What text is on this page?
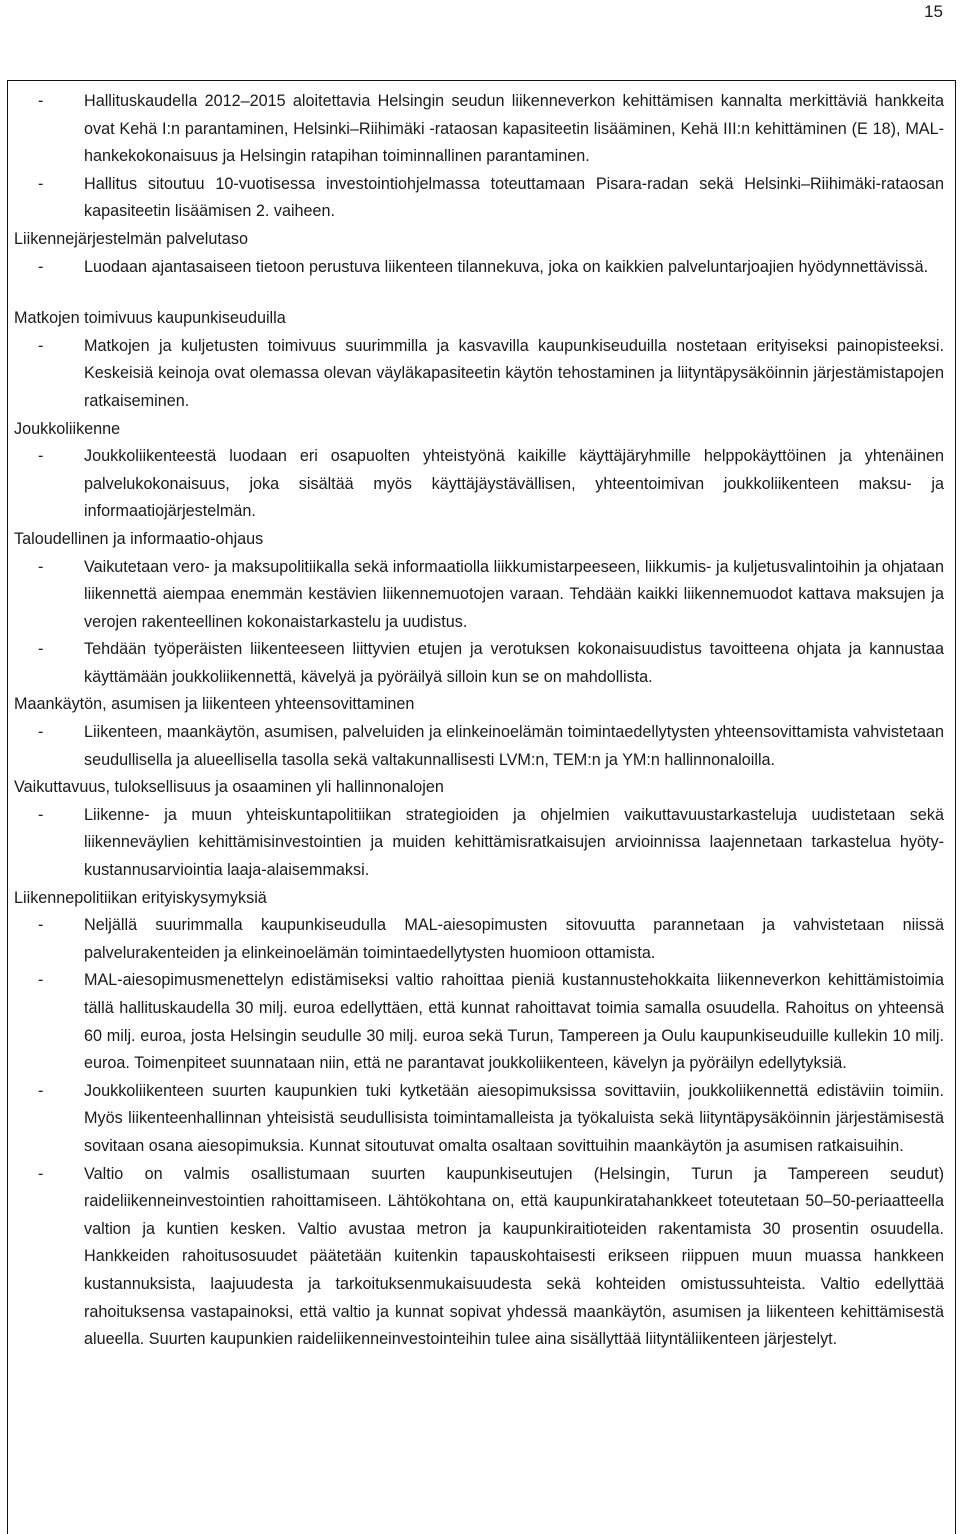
15
-	Hallituskaudella 2012–2015 aloitettavia Helsingin seudun liikenneverkon kehittämisen kannalta merkittäviä hankkeita ovat Kehä I:n parantaminen, Helsinki–Riihimäki -rataosan kapasiteetin lisääminen, Kehä III:n kehittäminen (E 18), MAL-hankekokonaisuus ja Helsingin ratapihan toiminnallinen parantaminen.
-	Hallitus sitoutuu 10-vuotisessa investointiohjelmassa toteuttamaan Pisara-radan sekä Helsinki–Riihimäki-rataosan kapasiteetin lisäämisen 2. vaiheen.

Liikennejärjestelmän palvelutaso

-	Luodaan ajantasaiseen tietoon perustuva liikenteen tilannekuva, joka on kaikkien palveluntarjoajien hyödynnettävissä.

Matkojen toimivuus kaupunkiseuduilla

-	Matkojen ja kuljetusten toimivuus suurimmilla ja kasvavilla kaupunkiseuduilla nostetaan erityiseksi painopisteeksi. Keskeisiä keinoja ovat olemassa olevan väyläkapasiteetin käytön tehostaminen ja liityntäpysäköinnin järjestämistapojen ratkaiseminen.

Joukkoliikenne

-	Joukkoliikenteestä luodaan eri osapuolten yhteistyönä kaikille käyttäjäryhmille helppokäyttöinen ja yhtenäinen palvelukokonaisuus, joka sisältää myös käyttäjäystävällisen, yhteentoimivan joukkoliikenteen maksu- ja informaatiojärjestelmän.

Taloudellinen ja informaatio-ohjaus

-	Vaikutetaan vero- ja maksupolitiikalla sekä informaatiolla liikkumistarpeeseen, liikkumis- ja kuljetusvalintoihin ja ohjataan liikennettä aiempaa enemmän kestävien liikennemuotojen varaan. Tehdään kaikki liikennemuodot kattava maksujen ja verojen rakenteellinen kokonaistarkastelu ja uudistus.
-	Tehdään työperäisten liikenteeseen liittyvien etujen ja verotuksen kokonaisuudistus tavoitteena ohjata ja kannustaa käyttämään joukkoliikennettä, kävelyä ja pyöräilyä silloin kun se on mahdollista.

Maankäytön, asumisen ja liikenteen yhteensovittaminen

-	Liikenteen, maankäytön, asumisen, palveluiden ja elinkeinoelämän toimintaedellytysten yhteensovittamista vahvistetaan seudullisella ja alueellisella tasolla sekä valtakunnallisesti LVM:n, TEM:n ja YM:n hallinnonaloilla.

Vaikuttavuus, tuloksellisuus ja osaaminen yli hallinnonalojen

-	Liikenne- ja muun yhteiskuntapolitiikan strategioiden ja ohjelmien vaikuttavuustarkasteluja uudistetaan sekä liikenneväylien kehittämisinvestointien ja muiden kehittämisratkaisujen arvioinnissa laajennetaan tarkastelua hyöty-kustannusarviointia laaja-alaisemmaksi.

Liikennepolitiikan erityiskysymyksiä

-	Neljällä suurimmalla kaupunkiseudulla MAL-aiesopimusten sitovuutta parannetaan ja vahvistetaan niissä palvelurakenteiden ja elinkeinoelämän toimintaedellytysten huomioon ottamista.
-	MAL-aiesopimusmenettelyn edistämiseksi valtio rahoittaa pieniä kustannustehokkaita liikenneverkon kehittämistoimia tällä hallituskaudella 30 milj. euroa edellyttäen, että kunnat rahoittavat toimia samalla osuudella. Rahoitus on yhteensä 60 milj. euroa, josta Helsingin seudulle 30 milj. euroa sekä Turun, Tampereen ja Oulu kaupunkiseuduille kullekin 10 milj. euroa. Toimenpiteet suunnataan niin, että ne parantavat joukkoliikenteen, kävelyn ja pyöräilyn edellytyksiä.
-	Joukkoliikenteen suurten kaupunkien tuki kytketään aiesopimuksissa sovittaviin, joukkoliikennettä edistäviin toimiin. Myös liikenteenhallinnan yhteisistä seudullisista toimintamalleista ja työkaluista sekä liityntäpysäköinnin järjestämisestä sovitaan osana aiesopimuksia. Kunnat sitoutuvat omalta osaltaan sovittuihin maankäytön ja asumisen ratkaisuihin.
-	Valtio on valmis osallistumaan suurten kaupunkiseutujen (Helsingin, Turun ja Tampereen seudut) raideliikenneinvestointien rahoittamiseen. Lähtökohtana on, että kaupunkiratahankkeet toteutetaan 50–50-periaatteella valtion ja kuntien kesken. Valtio avustaa metron ja kaupunkiraitioteiden rakentamista 30 prosentin osuudella. Hankkeiden rahoitusosuudet päätetään kuitenkin tapauskohtaisesti erikseen riippuen muun muassa hankkeen kustannuksista, laajuudesta ja tarkoituksenmukaisuudesta sekä kohteiden omistussuhteista. Valtio edellyttää rahoituksensa vastapainoksi, että valtio ja kunnat sopivat yhdessä maankäytön, asumisen ja liikenteen kehittämisestä alueella. Suurten kaupunkien raideliikenneinvestointeihin tulee aina sisällyttää liityntäliikenteen järjestelyt.
